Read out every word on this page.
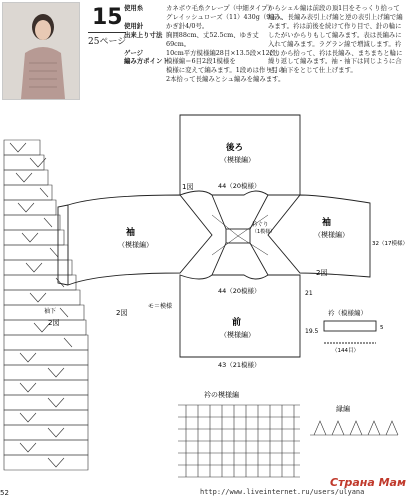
15
25ページ
使用糸	カネボウ毛糸クレープ（中細タイプ）
グレイッシュローズ（11）430g（9玉）。
使用針	かぎ針4/0号。
出来上り寸法 胸囲88cm、丈52.5cm、ゆき丈
69cm。
ゲージ	10cm平方模様編28目×13.5段×12段。
編み方ポイント模様編＝6目2段1模様を
模様に変えて編みます。1段めは作り目の
2本拾って長編みとシュ編みを編みます。
からシェル編は前段の頂1目をそっくり拾って編み、長編み表引上げ編と逆の表引上げ編で編みます。衿は前後を続けて作り目で、針の輪にしたがいからりもして編みます。表は長編みに入れて編みます。ラグラン線で増減します。衿ぐりから拾って、衿は長編み、まちまちと輪に繰り返して編みます。袖・袖下は同じように合せ、袖下をとじて仕上げます。
袖下
2図
後ろ
（模様編）
44（20模様）
1図
袖
（模様編）
袖
（模様編）
2図
32（17模様）
衿ぐり
（1模様）
44（20模様）
前
（模様編）
43（21模様）
モ＝模様
21
19.5
2図	衿（模様編）
（144目）
5
衿の模様編
縁編
52	http://www.liveinternet.ru/users/ulyana
Страна Мам
